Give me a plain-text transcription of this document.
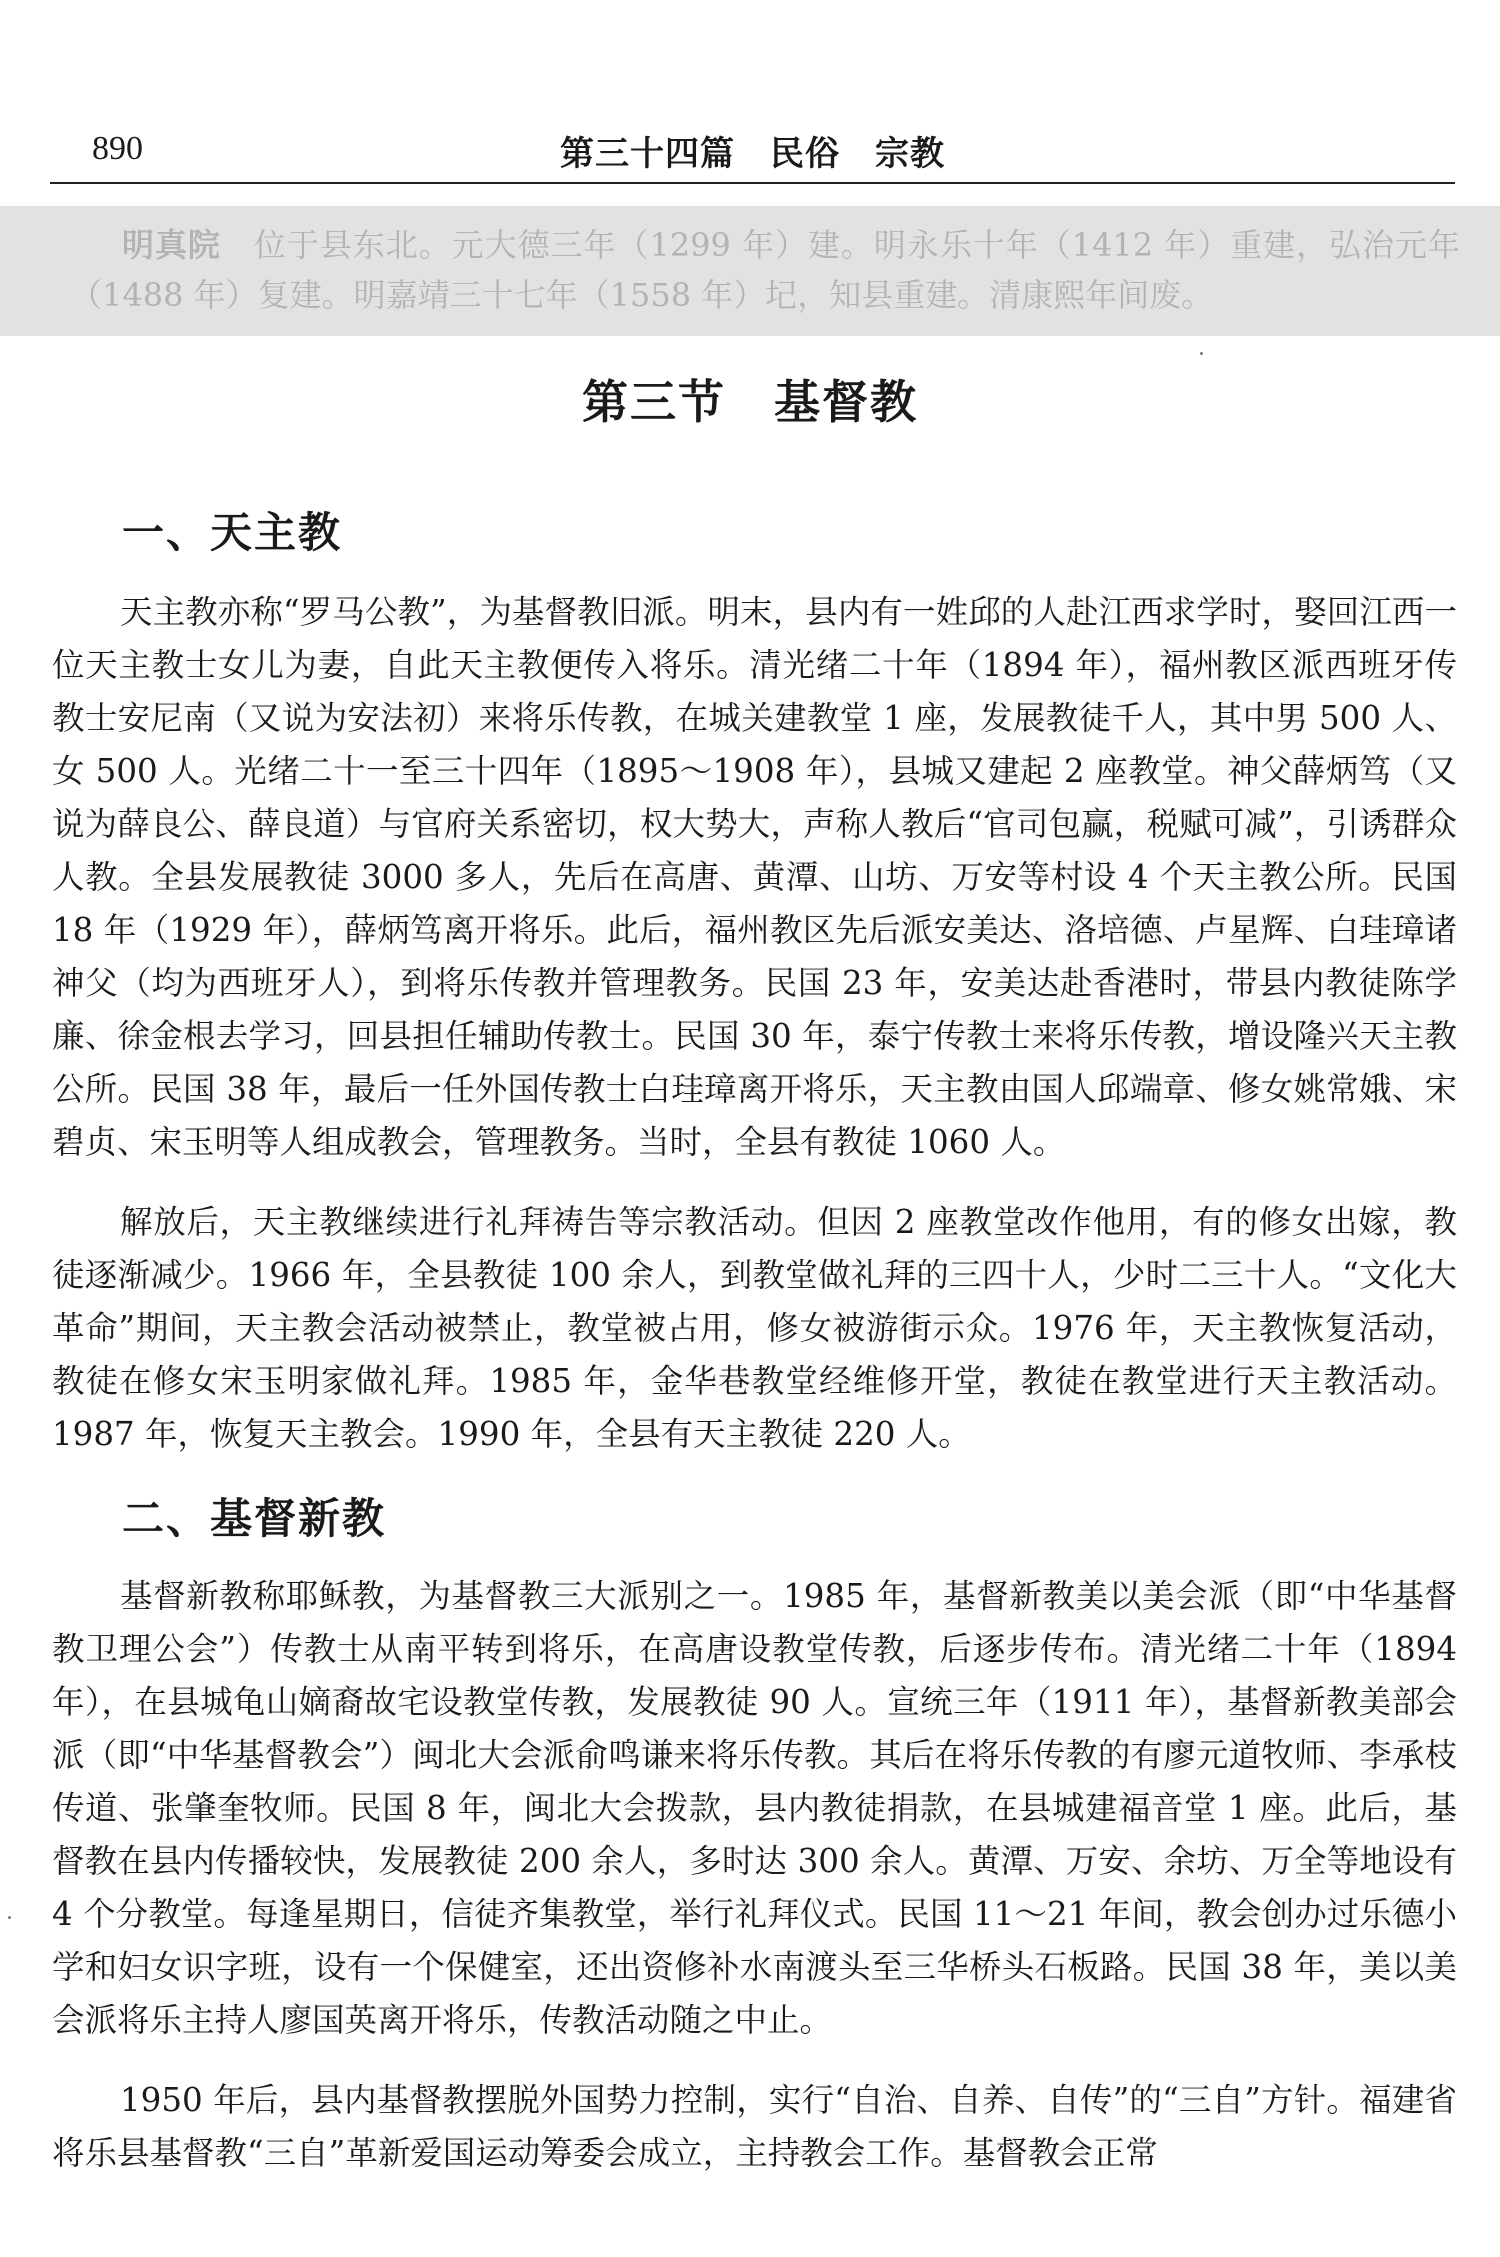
890	第三十四篇　民俗　宗教
明真院　 位于县东北。元大德三年（1299 年）建。明永乐十年（1412 年）重建，弘治元年（1488 年）复建。明嘉靖三十七年（1558 年）圮，知县重建。清康熙年间废。
第三节　基督教
一、天主教
天主教亦称“罗马公教”，为基督教旧派。明末，县内有一姓邱的人赴江西求学时，娶回江西一位天主教士女儿为妻，自此天主教便传入将乐。清光绪二十年（1894 年），福州教区派西班牙传教士安尼南（又说为安法初）来将乐传教，在城关建教堂 1 座，发展教徒千人，其中男 500 人、女 500 人。光绪二十一至三十四年（1895～1908 年），县城又建起 2 座教堂。神父薛炳笃（又说为薛良公、薛良道）与官府关系密切，权大势大，声称人教后“官司包赢，税赋可减”，引诱群众人教。全县发展教徒 3000 多人，先后在高唐、黄潭、山坊、万安等村设 4 个天主教公所。民国 18 年（1929 年），薛炳笃离开将乐。此后，福州教区先后派安美达、洛培德、卢星辉、白珪璋诸神父（均为西班牙人），到将乐传教并管理教务。民国 23 年，安美达赴香港时，带县内教徒陈学廉、徐金根去学习，回县担任辅助传教士。民国 30 年，泰宁传教士来将乐传教，增设隆兴天主教公所。民国 38 年，最后一任外国传教士白珪璋离开将乐，天主教由国人邱端章、修女姚常娥、宋碧贞、宋玉明等人组成教会，管理教务。当时，全县有教徒 1060 人。
解放后，天主教继续进行礼拜祷告等宗教活动。但因 2 座教堂改作他用，有的修女出嫁，教徒逐渐减少。1966 年，全县教徒 100 余人，到教堂做礼拜的三四十人，少时二三十人。“文化大革命”期间，天主教会活动被禁止，教堂被占用，修女被游街示众。1976 年，天主教恢复活动，教徒在修女宋玉明家做礼拜。1985 年，金华巷教堂经维修开堂，教徒在教堂进行天主教活动。1987 年，恢复天主教会。1990 年，全县有天主教徒 220 人。
二、基督新教
基督新教称耶稣教，为基督教三大派别之一。1985 年，基督新教美以美会派（即“中华基督教卫理公会”）传教士从南平转到将乐，在高唐设教堂传教，后逐步传布。清光绪二十年（1894 年），在县城龟山嫡裔故宅设教堂传教，发展教徒 90 人。宣统三年（1911 年），基督新教美部会派（即“中华基督教会”）闽北大会派俞鸣谦来将乐传教。其后在将乐传教的有廖元道牧师、李承枝传道、张肇奎牧师。民国 8 年，闽北大会拨款，县内教徒捐款，在县城建福音堂 1 座。此后，基督教在县内传播较快，发展教徒 200 余人，多时达 300 余人。黄潭、万安、余坊、万全等地设有 4 个分教堂。每逢星期日，信徒齐集教堂，举行礼拜仪式。民国 11～21 年间，教会创办过乐德小学和妇女识字班，设有一个保健室，还出资修补水南渡头至三华桥头石板路。民国 38 年，美以美会派将乐主持人廖国英离开将乐，传教活动随之中止。
1950 年后，县内基督教摆脱外国势力控制，实行“自治、自养、自传”的“三自”方针。福建省将乐县基督教“三自”革新爱国运动筹委会成立，主持教会工作。基督教会正常
